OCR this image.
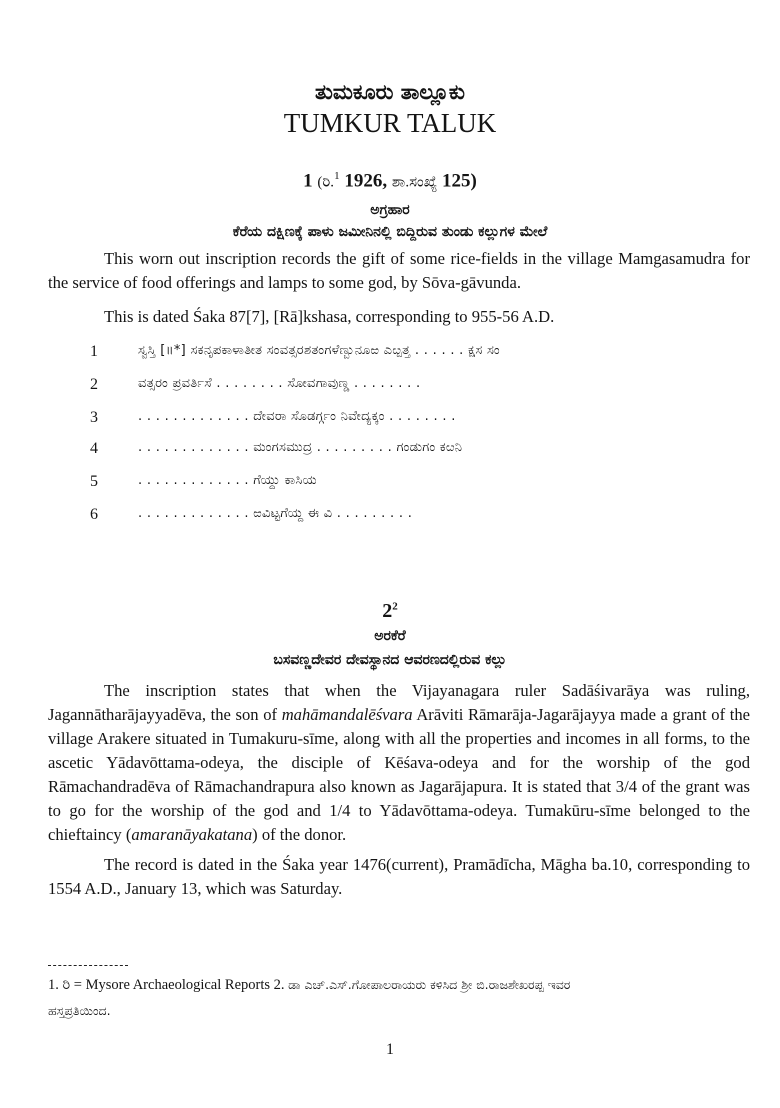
ತುಮಕೂರು ತಾಲ್ಲೂಕು
TUMKUR TALUK
1 (ರಿ.$^1$ 1926, ಶಾ.ಸಂಖ್ಯೆ 125)
ಅಗ್ರಹಾರ
ಕೆರೆಯ ದಕ್ಷಿಣಕ್ಕೆ ಪಾಳು ಜಮೀನಿನಲ್ಲಿ ಬಿದ್ದಿರುವ ತುಂಡು ಕಲ್ಲುಗಳ ಮೇಲೆ
This worn out inscription records the gift of some rice-fields in the village Mamgasamudra for the service of food offerings and lamps to some god, by Sōva-gāvunda.
This is dated Śaka 87[7], [Rā]kshasa, corresponding to 955-56 A.D.
1	ಸ್ವಸ್ತಿ [॥*] ಸಕನೃಪಕಾಳಾತೀತ ಸಂವತ್ಸರಶತಂಗಳೆಣ್ಬುನೂಱ ಎೞ್ಪತ್ತ . . . . . . ಕ್ಷಸ ಸಂ
2	ವತ್ಸರಂ ಪ್ರವರ್ತಿಸೆ . . . . . . . . ಸೋವಗಾವುಣ್ಡ . . . . . . . .
3	. . . . . . . . . . . . . ದೇವರಾ ಸೊಡರ್ಗ್ಗಂ ನಿವೇದ್ಯಕ್ಕಂ . . . . . . . .
4	. . . . . . . . . . . . . ಮಂಗಸಮುದ್ರ . . . . . . . . . ಗಂಡುಗಂ ಕೞನಿ
5	. . . . . . . . . . . . . ಗೆಯ್ದು ಕಾಸಿಯ
6	. . . . . . . . . . . . . ಱವಿಟ್ಟಗೆಯ್ದ ಈ ವಿ . . . . . . . . .
$2^2$
ಅರಕೆರೆ
ಬಸವಣ್ಣದೇವರ ದೇವಸ್ಥಾನದ ಆವರಣದಲ್ಲಿರುವ ಕಲ್ಲು
The inscription states that when the Vijayanagara ruler Sadāśivarāya was ruling, Jagannātharājayyadēva, the son of mahāmandalēśvara Arāviti Rāmarāja-Jagarājayya made a grant of the village Arakere situated in Tumakuru-sīme, along with all the properties and incomes in all forms, to the ascetic Yādavōttama-odeya, the disciple of Kēśava-odeya and for the worship of the god Rāmachandradēva of Rāmachandrapura also known as Jagarājapura. It is stated that 3/4 of the grant was to go for the worship of the god and 1/4 to Yādavōttama-odeya. Tumakūru-sīme belonged to the chieftaincy (amaranāyakatana) of the donor.
The record is dated in the Śaka year 1476(current), Pramādīcha, Māgha ba.10, corresponding to 1554 A.D., January 13, which was Saturday.
1. ರಿ = Mysore Archaeological Reports 2. ಡಾ ಎಚ್.ಎಸ್.ಗೋಪಾಲರಾಯರು ಕಳಿಸಿದ ಶ್ರೀ ಬಿ.ರಾಜಶೇಖರಪ್ಪ ಇವರ
ಹಸ್ತಪ್ರತಿಯಿಂದ.
1
